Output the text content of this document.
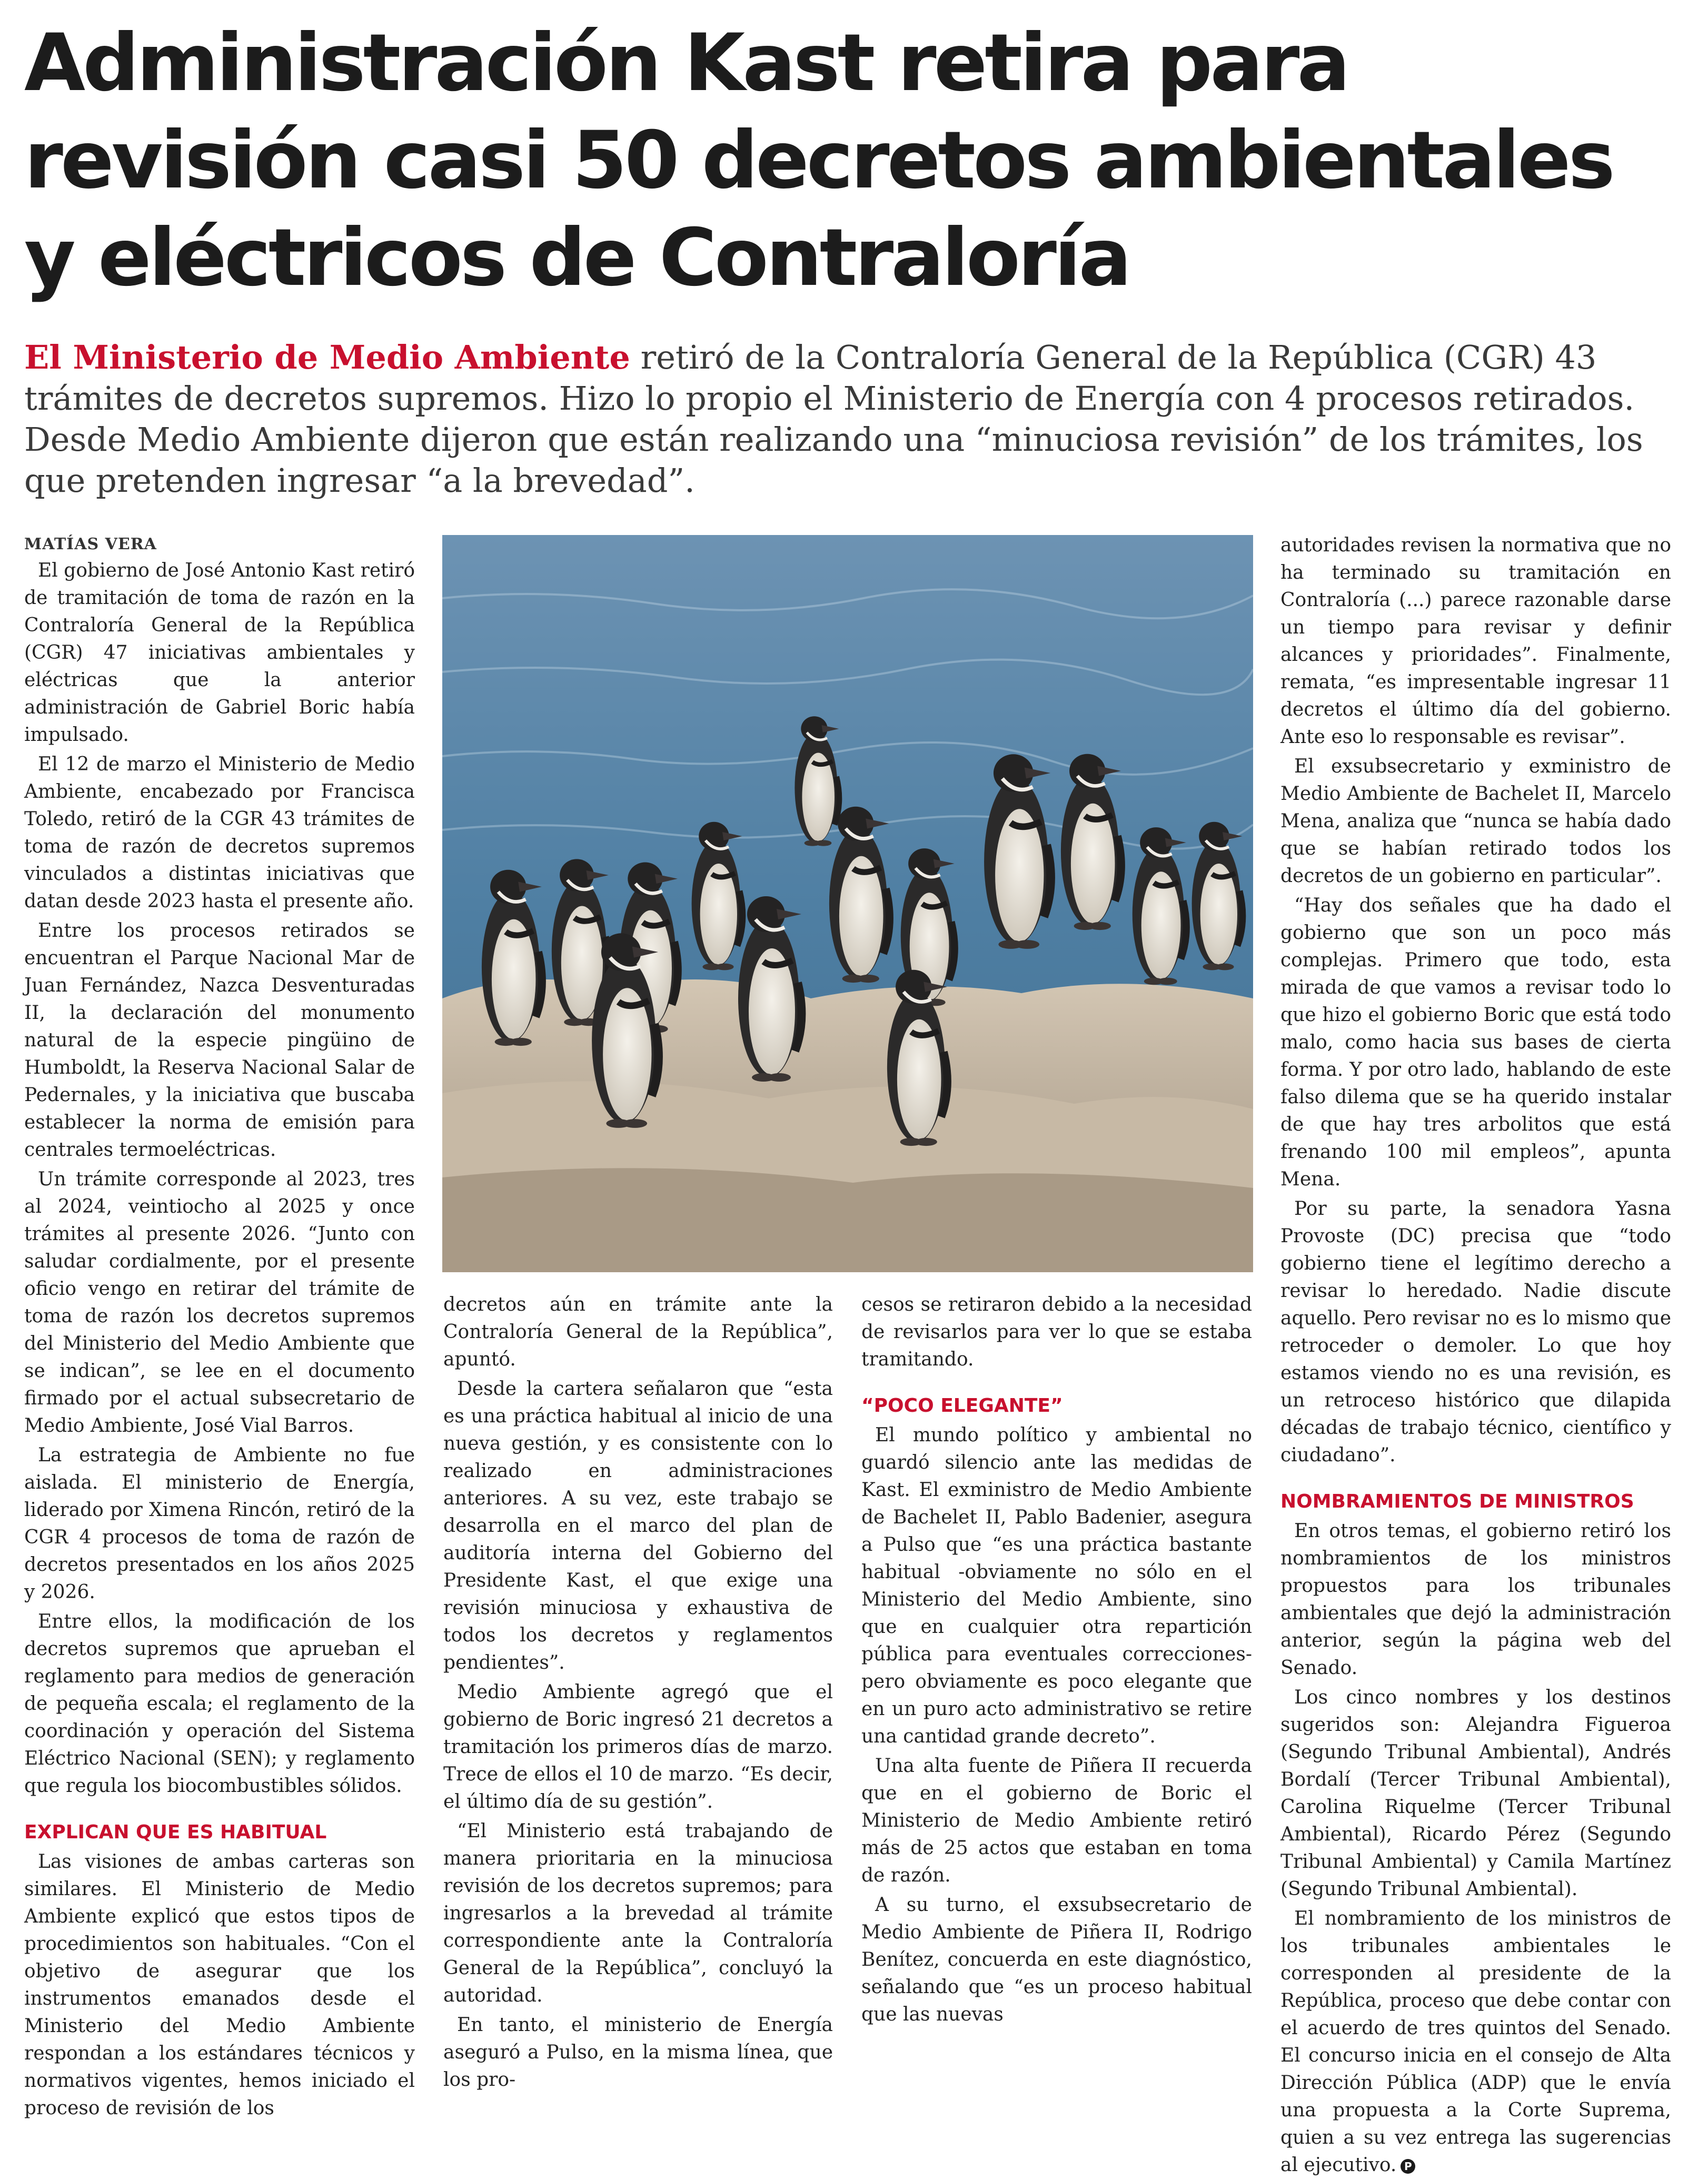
Administración Kast retira para revisión casi 50 decretos ambientales y eléctricos de Contraloría

El Ministerio de Medio Ambiente retiró de la Contraloría General de la República (CGR) 43 trámites de decretos supremos. Hizo lo propio el Ministerio de Energía con 4 procesos retirados. Desde Medio Ambiente dijeron que están realizando una “minuciosa revisión” de los trámites, los que pretenden ingresar “a la brevedad”.

MATÍAS VERA

El gobierno de José Antonio Kast retiró de tramitación de toma de razón en la Contraloría General de la República (CGR) 47 iniciativas ambientales y eléctricas que la anterior administración de Gabriel Boric había impulsado.

El 12 de marzo el Ministerio de Medio Ambiente, encabezado por Francisca Toledo, retiró de la CGR 43 trámites de toma de razón de decretos supremos vinculados a distintas iniciativas que datan desde 2023 hasta el presente año.

Entre los procesos retirados se encuentran el Parque Nacional Mar de Juan Fernández, Nazca Desventuradas II, la declaración del monumento natural de la especie pingüino de Humboldt, la Reserva Nacional Salar de Pedernales, y la iniciativa que buscaba establecer la norma de emisión para centrales termoeléctricas.

Un trámite corresponde al 2023, tres al 2024, veintiocho al 2025 y once trámites al presente 2026. “Junto con saludar cordialmente, por el presente oficio vengo en retirar del trámite de toma de razón los decretos supremos del Ministerio del Medio Ambiente que se indican”, se lee en el documento firmado por el actual subsecretario de Medio Ambiente, José Vial Barros.

La estrategia de Ambiente no fue aislada. El ministerio de Energía, liderado por Ximena Rincón, retiró de la CGR 4 procesos de toma de razón de decretos presentados en los años 2025 y 2026.

Entre ellos, la modificación de los decretos supremos que aprueban el reglamento para medios de generación de pequeña escala; el reglamento de la coordinación y operación del Sistema Eléctrico Nacional (SEN); y reglamento que regula los biocombustibles sólidos.

EXPLICAN QUE ES HABITUAL

Las visiones de ambas carteras son similares. El Ministerio de Medio Ambiente explicó que estos tipos de procedimientos son habituales. “Con el objetivo de asegurar que los instrumentos emanados desde el Ministerio del Medio Ambiente respondan a los estándares técnicos y normativos vigentes, hemos iniciado el proceso de revisión de los

decretos aún en trámite ante la Contraloría General de la República”, apuntó.

Desde la cartera señalaron que “esta es una práctica habitual al inicio de una nueva gestión, y es consistente con lo realizado en administraciones anteriores. A su vez, este trabajo se desarrolla en el marco del plan de auditoría interna del Gobierno del Presidente Kast, el que exige una revisión minuciosa y exhaustiva de todos los decretos y reglamentos pendientes”.

Medio Ambiente agregó que el gobierno de Boric ingresó 21 decretos a tramitación los primeros días de marzo. Trece de ellos el 10 de marzo. “Es decir, el último día de su gestión”.

“El Ministerio está trabajando de manera prioritaria en la minuciosa revisión de los decretos supremos; para ingresarlos a la brevedad al trámite correspondiente ante la Contraloría General de la República”, concluyó la autoridad.

En tanto, el ministerio de Energía aseguró a Pulso, en la misma línea, que los pro-

cesos se retiraron debido a la necesidad de revisarlos para ver lo que se estaba tramitando.

“POCO ELEGANTE”

El mundo político y ambiental no guardó silencio ante las medidas de Kast. El exministro de Medio Ambiente de Bachelet II, Pablo Badenier, asegura a Pulso que “es una práctica bastante habitual -obviamente no sólo en el Ministerio del Medio Ambiente, sino que en cualquier otra repartición pública para eventuales correcciones- pero obviamente es poco elegante que en un puro acto administrativo se retire una cantidad grande decreto”.

Una alta fuente de Piñera II recuerda que en el gobierno de Boric el Ministerio de Medio Ambiente retiró más de 25 actos que estaban en toma de razón.

A su turno, el exsubsecretario de Medio Ambiente de Piñera II, Rodrigo Benítez, concuerda en este diagnóstico, señalando que “es un proceso habitual que las nuevas

autoridades revisen la normativa que no ha terminado su tramitación en Contraloría (...) parece razonable darse un tiempo para revisar y definir alcances y prioridades”. Finalmente, remata, “es impresentable ingresar 11 decretos el último día del gobierno. Ante eso lo responsable es revisar”.

El exsubsecretario y exministro de Medio Ambiente de Bachelet II, Marcelo Mena, analiza que “nunca se había dado que se habían retirado todos los decretos de un gobierno en particular”.

“Hay dos señales que ha dado el gobierno que son un poco más complejas. Primero que todo, esta mirada de que vamos a revisar todo lo que hizo el gobierno Boric que está todo malo, como hacia sus bases de cierta forma. Y por otro lado, hablando de este falso dilema que se ha querido instalar de que hay tres arbolitos que está frenando 100 mil empleos”, apunta Mena.

Por su parte, la senadora Yasna Provoste (DC) precisa que “todo gobierno tiene el legítimo derecho a revisar lo heredado. Nadie discute aquello. Pero revisar no es lo mismo que retroceder o demoler. Lo que hoy estamos viendo no es una revisión, es un retroceso histórico que dilapida décadas de trabajo técnico, científico y ciudadano”.

NOMBRAMIENTOS DE MINISTROS

En otros temas, el gobierno retiró los nombramientos de los ministros propuestos para los tribunales ambientales que dejó la administración anterior, según la página web del Senado.

Los cinco nombres y los destinos sugeridos son: Alejandra Figueroa (Segundo Tribunal Ambiental), Andrés Bordalí (Tercer Tribunal Ambiental), Carolina Riquelme (Tercer Tribunal Ambiental), Ricardo Pérez (Segundo Tribunal Ambiental) y Camila Martínez (Segundo Tribunal Ambiental).

El nombramiento de los ministros de los tribunales ambientales le corresponden al presidente de la República, proceso que debe contar con el acuerdo de tres quintos del Senado. El concurso inicia en el consejo de Alta Dirección Pública (ADP) que le envía una propuesta a la Corte Suprema, quien a su vez entrega las sugerencias al ejecutivo. P
